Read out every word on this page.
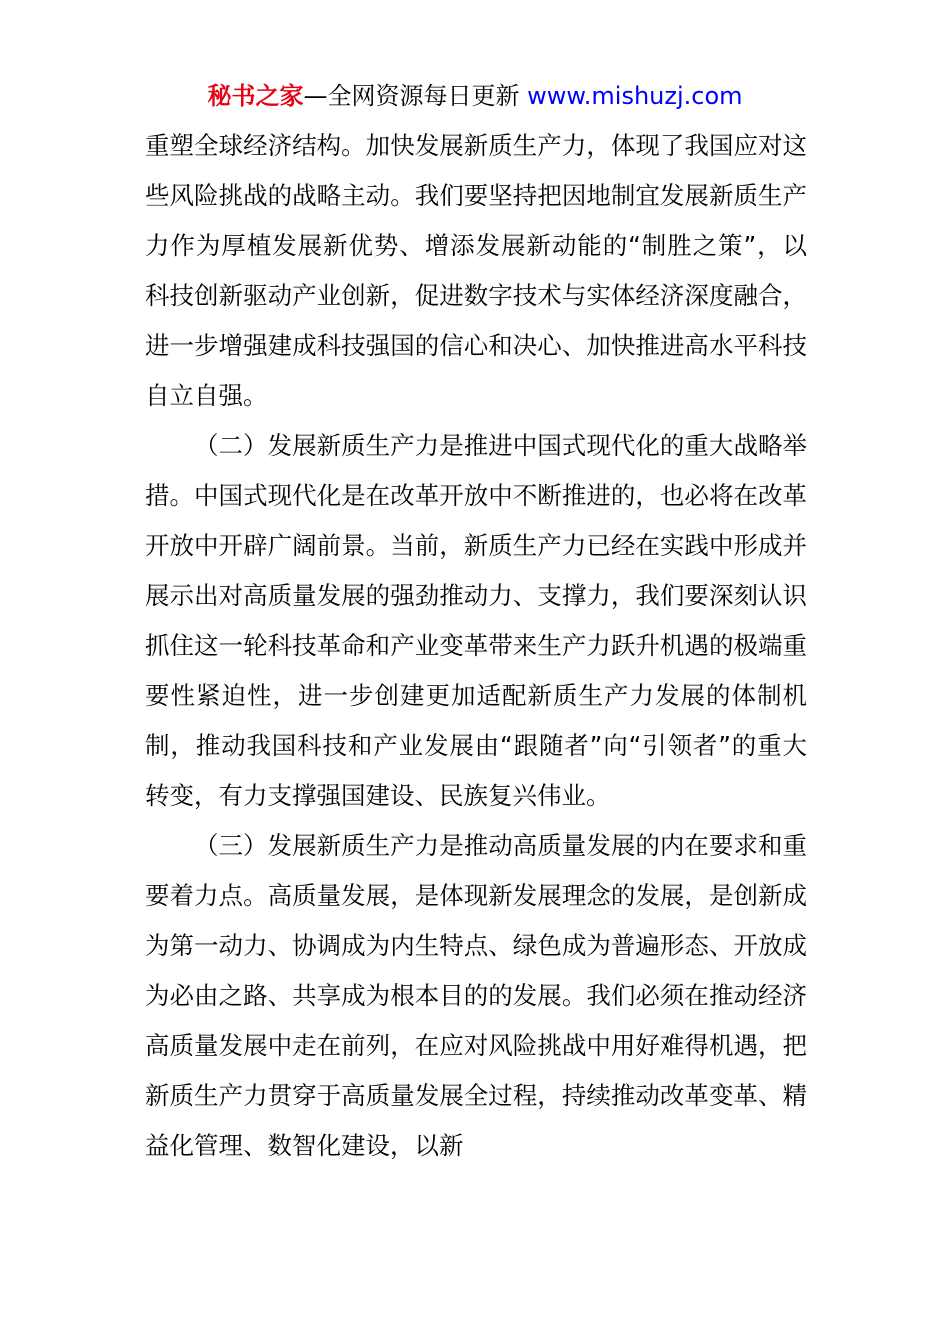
秘书之家—全网资源每日更新 www.mishuzj.com

重塑全球经济结构。加快发展新质生产力，体现了我国应对这些风险挑战的战略主动。我们要坚持把因地制宜发展新质生产力作为厚植发展新优势、增添发展新动能的“制胜之策”，以科技创新驱动产业创新，促进数字技术与实体经济深度融合，进一步增强建成科技强国的信心和决心、加快推进高水平科技自立自强。

（二）发展新质生产力是推进中国式现代化的重大战略举措。中国式现代化是在改革开放中不断推进的，也必将在改革开放中开辟广阔前景。当前，新质生产力已经在实践中形成并展示出对高质量发展的强劲推动力、支撑力，我们要深刻认识抓住这一轮科技革命和产业变革带来生产力跃升机遇的极端重要性紧迫性，进一步创建更加适配新质生产力发展的体制机制，推动我国科技和产业发展由“跟随者”向“引领者”的重大转变，有力支撑强国建设、民族复兴伟业。

（三）发展新质生产力是推动高质量发展的内在要求和重要着力点。高质量发展，是体现新发展理念的发展，是创新成为第一动力、协调成为内生特点、绿色成为普遍形态、开放成为必由之路、共享成为根本目的的发展。我们必须在推动经济高质量发展中走在前列，在应对风险挑战中用好难得机遇，把新质生产力贯穿于高质量发展全过程，持续推动改革变革、精益化管理、数智化建设，以新
